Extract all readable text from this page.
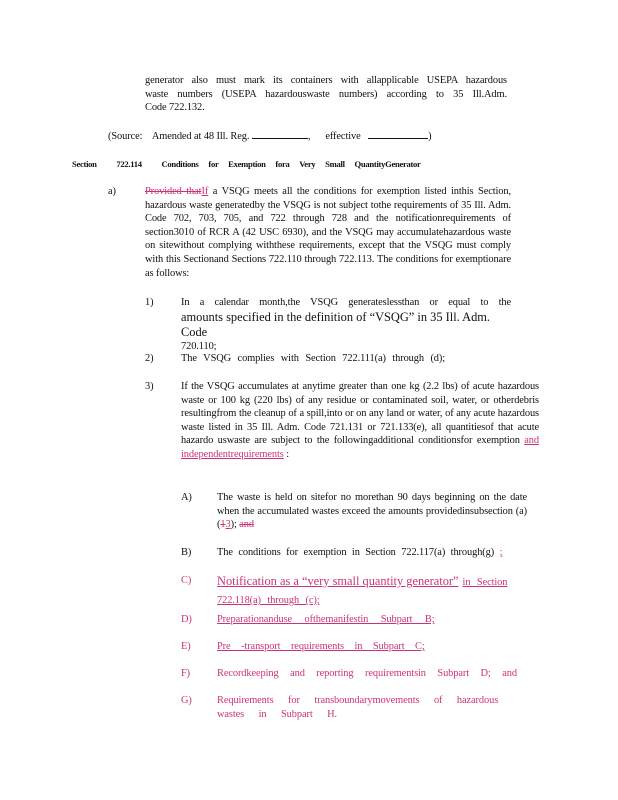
generator also must mark its containers with allapplicable USEPA hazardous
waste numbers (USEPA hazardouswaste numbers) according to 35 Ill.Adm.
Code 722.132.
(Source: Amended at 48 Ill. Reg.	, effective	)
Section 722.114 Conditions for Exemption fora Very Small QuantityGenerator
a)	Provided thatIf a VSQG meets all the conditions for exemption listed inthis Section, hazardous waste generatedby the VSQG is not subject tothe requirements of 35 Ill. Adm. Code 702, 703, 705, and 722 through 728 and the notificationrequirements of section3010 of RCR A (42 USC 6930), and the VSQG may accumulatehazardous waste on sitewithout complying withthese requirements, except that the VSQG must comply with this Sectionand Sections 722.110 through 722.113. The conditions for exemptionare as follows:
1)	In a calendar month,the VSQG generateslessthan or equal to the
amounts specified in the definition of “VSQG” in 35 Ill. Adm. Code
720.110;
2)	The VSQG complies with Section 722.111(a) through (d);
3)	If the VSQG accumulates at anytime greater than one kg (2.2 lbs) of acute hazardous waste or 100 kg (220 lbs) of any residue or contaminated soil, water, or otherdebris resultingfrom the cleanup of a spill,into or on any land or water, of any acute hazardous waste listed in 35 Ill. Adm. Code 721.131 or 721.133(e), all quantitiesof that acute hazardo uswaste are subject to the followingadditional conditionsfor exemption and independentrequirements :
A) The waste is held on sitefor no morethan 90 days beginning on the date when the accumulated wastes exceed the amounts providedinsubsection (a)(13); and
B) The conditions for exemption in Section 722.117(a) through(g) ;
C) Notification as a “very small quantity generator” in Section 722.118(a) through (c);
D) Preparationanduse ofthemanifestin Subpart B;
E)	Pre -transport requirements in Subpart C;
F)	Recordkeeping and reporting requirementsin Subpart D; and
G) Requirements for transboundarymovements of hazardous wastes in Subpart H.
